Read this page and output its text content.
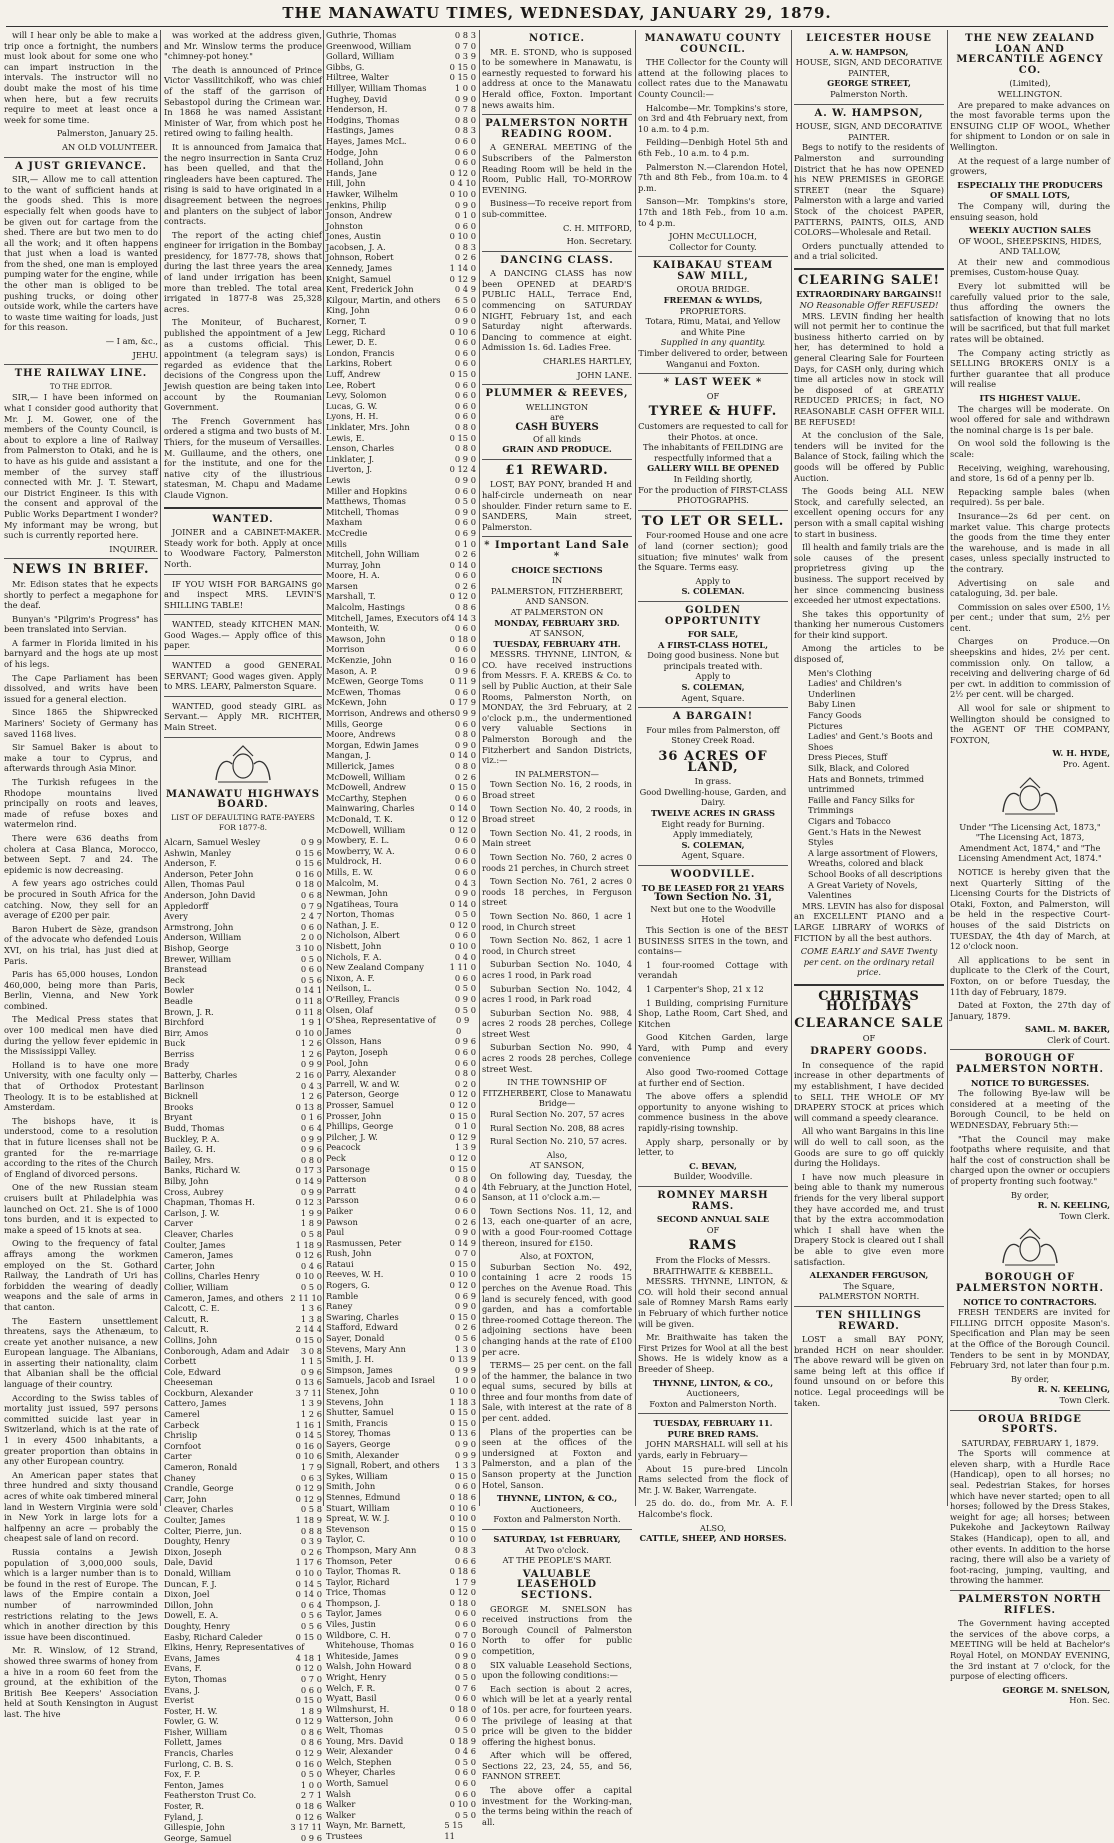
THE MANAWATU TIMES, WEDNESDAY, JANUARY 29, 1879.

will I hear only be able to make a trip once a fortnight, the numbers must look about for some one who can impart instruction in the intervals. The instructor will no doubt make the most of his time when here, but a few recruits require to meet at least once a week for some time.

Palmerston, January 25.

AN OLD VOLUNTEER.

A JUST GRIEVANCE.

SIR,— Allow me to call attention to the want of sufficient hands at the goods shed. This is more especially felt when goods have to be given out for cartage from the shed. There are but two men to do all the work; and it often happens that just when a load is wanted from the shed, one man is employed pumping water for the engine, while the other man is obliged to be pushing trucks, or doing other outside work, while the carters have to waste time waiting for loads, just for this reason.

— I am, &c.,

JEHU.

THE RAILWAY LINE.
TO THE EDITOR.

SIR,— I have been informed on what I consider good authority that Mr. J. M. Gower, one of the members of the County Council, is about to explore a line of Railway from Palmerston to Otaki, and he is to have as his guide and assistant a member of the survey staff connected with Mr. J. T. Stewart, our District Engineer. Is this with the consent and approval of the Public Works Department I wonder? My informant may be wrong, but such is currently reported here.

INQUIRER.

NEWS IN BRIEF.

Mr. Edison states that he expects shortly to perfect a megaphone for the deaf.

Bunyan's "Pilgrim's Progress" has been translated into Servian.

A farmer in Florida limited in his barnyard and the hogs ate up most of his legs.

The Cape Parliament has been dissolved, and writs have been issued for a general election.

Since 1865 the Shipwrecked Mariners' Society of Germany has saved 1168 lives.

Sir Samuel Baker is about to make a tour to Cyprus, and afterwards through Asia Minor.

The Turkish refugees in the Rhodope mountains lived principally on roots and leaves, made of refuse boxes and watermelon rind.

There were 636 deaths from cholera at Casa Blanca, Morocco, between Sept. 7 and 24. The epidemic is now decreasing.

A few years ago ostriches could be procured in South Africa for the catching. Now, they sell for an average of £200 per pair.

Baron Hubert de Sèze, grandson of the advocate who defended Louis XVI, on his trial, has just died at Paris.

Paris has 65,000 houses, London 460,000, being more than Paris, Berlin, Vienna, and New York combined.

The Medical Press states that over 100 medical men have died during the yellow fever epidemic in the Mississippi Valley.

Holland is to have one more University, with one faculty only — that of Orthodox Protestant Theology. It is to be established at Amsterdam.

The bishops have, it is understood, come to a resolution that in future licenses shall not be granted for the re-marriage according to the rites of the Church of England of divorced persons.

One of the new Russian steam cruisers built at Philadelphia was launched on Oct. 21. She is of 1000 tons burden, and it is expected to make a speed of 15 knots at sea.

Owing to the frequency of fatal affrays among the workmen employed on the St. Gothard Railway, the Landrath of Uri has forbidden the wearing of deadly weapons and the sale of arms in that canton.

The Eastern unsettlement threatens, says the Athenæum, to create yet another nuisance, a new European language. The Albanians, in asserting their nationality, claim that Albanian shall be the official language of their country.

According to the Swiss tables of mortality just issued, 597 persons committed suicide last year in Switzerland, which is at the rate of 1 in every 4500 inhabitants, a greater proportion than obtains in any other European country.

An American paper states that three hundred and sixty thousand acres of white oak timbered mineral land in Western Virginia were sold in New York in large lots for a halfpenny an acre — probably the cheapest sale of land on record.

Russia contains a Jewish population of 3,000,000 souls, which is a larger number than is to be found in the rest of Europe. The laws of the Empire contain a number of narrowminded restrictions relating to the Jews which in another direction by this issue have been discontinued.

Mr. R. Winslow, of 12 Strand, showed three swarms of honey from a hive in a room 60 feet from the ground, at the exhibition of the British Bee Keepers' Association held at South Kensington in August last. The hive

was worked at the address given, and Mr. Winslow terms the produce "chimney-pot honey."

The death is announced of Prince Victor Vassilitchikoff, who was chief of the staff of the garrison of Sebastopol during the Crimean war. In 1868 he was named Assistant Minister of War, from which post he retired owing to failing health.

It is announced from Jamaica that the negro insurrection in Santa Cruz has been quelled, and that the ringleaders have been captured. The rising is said to have originated in a disagreement between the negroes and planters on the subject of labor contracts.

The report of the acting chief engineer for irrigation in the Bombay presidency, for 1877-78, shows that during the last three years the area of land under irrigation has been more than trebled. The total area irrigated in 1877-8 was 25,328 acres.

The Moniteur, of Bucharest, published the appointment of a Jew as a customs official. This appointment (a telegram says) is regarded as evidence that the decisions of the Congress upon the Jewish question are being taken into account by the Roumanian Government.

The French Government has ordered a stigma and two busts of M. Thiers, for the museum of Versailles. M. Guillaume, and the others, one for the institute, and one for the native city of the illustrious statesman, M. Chapu and Madame Claude Vignon.

WANTED.

JOINER and a CABINET-MAKER. Steady work for both. Apply at once to Woodware Factory, Palmerston North.

IF YOU WISH FOR BARGAINS go and inspect MRS. LEVIN'S SHILLING TABLE!

WANTED, steady KITCHEN MAN. Good Wages.— Apply office of this paper.

WANTED a good GENERAL SERVANT; Good wages given. Apply to MRS. LEARY, Palmerston Square.

WANTED, good steady GIRL as Servant.— Apply MR. RICHTER, Main Street.

MANAWATU HIGHWAYS BOARD.
LIST OF DEFAULTING RATE-PAYERS FOR 1877-8.
Alcarn, Samuel Wesley	0 9 9
Ashwin, Manley	0 15 6
Anderson, F.	0 15 6
Anderson, Peter John	0 16 0
Allen, Thomas Paul	0 18 0
Anderson, John David	0 6 8
Appledorff	0 7 9
Avery	2 4 7
Armstrong, John	0 6 0
Anderson, William	2 0 0
Bishop, George	3 10 0
Brewer, William	0 5 0
Branstead	0 6 0
Beck	0 5 6
Bowler	0 14 1
Beadle	0 11 8
Brown, J. R.	0 11 8
Birchford	1 9 1
Birr, Amos	0 10 0
Buck	1 2 6
Berriss	1 2 6
Brady	0 9 9
Batterby, Charles	2 16 0
Barlinson	0 4 3
Bicknell	1 2 6
Brooks	0 13 8
Bryant	0 1 6
Budd, Thomas	0 6 4
Buckley, P. A.	0 9 9
Bailey, G. H.	0 9 6
Bailey, Mrs.	0 8 0
Banks, Richard W.	0 17 3
Bilby, John	0 14 9
Cross, Aubrey	0 9 9
Chapman, Thomas H.	0 12 3
Carlson, J. W.	1 9 9
Carver	1 8 9
Cleaver, Charles	0 5 8
Coulter, James	1 18 9
Cameron, James	0 12 6
Carter, John	0 4 6
Collins, Charles Henry	0 10 0
Collier, William	0 5 0
Cameron, James, and others 2 11 10
Calcott, C. E.	1 3 6
Calcutt, R.	1 3 8
Calcutt, R.	2 14 4
Collins, John	0 15 0
Conborough, Adam and Adair 3 0 8
Corbett	1 1 5
Cole, Edward	0 9 6
Cheeseman	0 13 6
Cockburn, Alexander	3 7 11
Cattero, James	1 3 9
Camerel	1 2 6
Carbeck	1 16 1
Chrislip	0 14 5
Cornfoot	0 16 0
Carter	0 10 6
Cameron, Ronald	1 7 9
Chaney	0 6 3
Crandle, George	0 12 9
Carr, John	0 12 9
Cleaver, Charles	0 5 8
Coulter, James	1 18 9
Colter, Pierre, jun.	0 8 8
Doughty, Henry	0 3 9
Dixon, Joseph	0 2 6
Dale, David	1 17 6
Donald, William	0 10 0
Duncan, F. J.	0 14 5
Dixon, Joel	0 14 0
Dillon, John	0 6 4
Dowell, E. A.	0 5 6
Doughty, Henry	0 5 6
Easby, Richard Caleder	0 15 0
Elkins, Henry, Representatives of
Evans, James	4 18 1
Evans, F.	0 12 0
Eyton, Thomas	0 7 0
Evans, J.	0 6 0
Everist	0 15 0
Foster, H. W.	1 8 9
Fowler, G. W.	0 12 9
Fisher, William	0 8 6
Follett, James	0 8 6
Francis, Charles	0 12 9
Furlong, C. B. S.	0 16 0
Fox, F. P.	0 5 0
Fenton, James	1 0 0
Featherston Trust Co.	2 7 1
Foster, R.	0 18 6
Fyland, J.	0 12 6
Gillespie, John	3 17 11
George, Samuel	0 9 6
Guthrie, Thomas	0 8 3
Greenwood, William	0 7 0
Gollard, William	0 3 9
Gibbs, G.	0 15 0
Hiltree, Walter	0 15 0
Hillyer, William Thomas	1 0 0
Hughey, David	0 9 0
Henderson, H.	0 7 8
Hodgins, Thomas	0 8 0
Hastings, James	0 8 3
Hayes, James McL.	0 6 0
Hodge, John	0 6 0
Holland, John	0 6 0
Hands, Jane	0 12 0
Hill, John	0 4 10
Hawker, Wilhelm	0 10 0
Jenkins, Philip	0 9 0
Jonson, Andrew	0 1 0
Johnston	0 6 0
Jones, Austin	0 10 0
Jacobsen, J. A.	0 8 3
Johnson, Robert	0 2 6
Kennedy, James	1 14 0
Knight, Samuel	0 12 9
Kent, Frederick John	0 4 9
Kilgour, Martin, and others 6 5 0
King, John	0 6 0
Korner, T.	0 9 0
Legg, Richard	0 10 6
Lewer, D. E.	0 6 0
London, Francis	0 6 0
Larkins, Robert	0 6 0
Luff, Andrew	0 15 0
Lee, Robert	0 6 0
Levy, Solomon	0 6 0
Lucas, G. W.	0 6 0
Lyons, H. H.	0 6 0
Linklater, Mrs. John	0 8 0
Lewis, E.	0 15 0
Lenson, Charles	0 8 0
Linklater, J.	0 9 0
Liverton, J.	0 12 4
Lewis	0 9 0
Miller and Hopkins	0 6 0
Matthews, Thomas	0 5 0
Mitchell, Thomas	0 9 0
Maxham	0 6 0
McCredie	0 6 9
Mills	0 1 0
Mitchell, John William	0 2 6
Murray, John	0 14 0
Moore, H. A.	0 6 0
Marsen	0 2 6
Marshall, T.	0 12 0
Malcolm, Hastings	0 8 6
Mitchell, James, Executors of 4 14 3
Monteith, W.	0 6 0
Mawson, John	0 18 0
Morrison	0 6 0
McKenzie, John	0 16 0
Mason, A. P.	0 9 6
McEwen, George Toms	0 11 9
McEwen, Thomas	0 6 0
McKewn, John	0 17 9
Morrison, Andrews and others 0 9 9
Mills, George	0 6 0
Moore, Andrews	0 8 0
Morgan, Edwin James	0 9 0
Mangan, J.	0 14 0
Millerick, James	0 8 0
McDowell, William	0 2 6
McDowell, Andrew	0 15 0
McCarthy, Stephen	0 6 0
Mainwaring, Charles	0 14 0
McDonald, T. K.	0 12 0
McDowell, William	0 12 0
Mowbery, E. L.	0 6 0
Mowberry, W. A.	0 6 0
Muldrock, H.	0 6 0
Mills, E. W.	0 6 0
Malcolm, M.	0 4 3
Newman, John	0 9 0
Ngatiheas, Toura	0 14 0
Norton, Thomas	0 5 0
Nathan, J. E.	0 12 0
Nicholson, Albert	0 6 0
Nisbett, John	0 10 0
Nichols, F. A.	0 4 0
New Zealand Company	1 11 0
Nixon, A. F.	0 6 0
Neilson, L.	0 5 0
O'Reilley, Francis	0 9 0
Olsen, Olaf	0 5 0
O'Shea, Representative of James
0 9 0
Olsson, Hans	0 9 6
Payton, Joseph	0 6 0
Pool, John	0 6 0
Parry, Alexander	0 8 0
Parrell, W. and W.	0 2 0
Paterson, George	0 12 0
Prosser, Samuel	0 12 0
Prosser, John	0 15 0
Phillips, George	0 1 0
Pilcher, J. W.	0 12 9
Peacock	1 3 9
Peck	0 12 0
Parsonage	0 15 0
Patterson	0 8 0
Parratt	0 4 0
Parsson	0 6 0
Paiker	0 6 0
Pawson	0 2 6
Paul	0 9 0
Rasmussen, Peter	0 14 9
Rush, John	0 7 0
Rataui	0 15 0
Reeves, W. H.	0 10 0
Rogers, G.	0 12 0
Ramble	0 6 9
Raney	0 9 0
Swaring, Charles	0 15 0
Stafford, Edward	0 2 6
Sayer, Donald	0 5 6
Stevens, Mary Ann	1 3 0
Smith, J. H.	0 13 9
Simpson, James	0 9 9
Samuels, Jacob and Israel 1 0 0
Stenex, John	0 10 0
Stevens, John	1 18 3
Shutter, Samuel	0 15 0
Smith, Francis	0 15 0
Storey, Thomas	0 13 6
Sayers, George	0 9 0
Smith, Alexander	0 9 9
Signall, Robert, and others 1 3 3
Sykes, William	0 15 0
Smith, John	0 6 0
Stennes, Edmund	0 18 6
Stuart, William	0 10 6
Spreat, W. W. J.	0 10 0
Stevenson	0 15 0
Taylor, C.	0 10 0
Thompson, Mary Ann	0 8 3
Thomson, Peter	0 6 6
Taylor, Thomas R.	0 18 6
Taylor, Richard	1 7 9
Trice, Thomas	0 12 0
Thompson, J.	0 18 0
Taylor, James	0 6 0
Viles, Justin	0 6 0
Wildbore, C. H.	0 7 0
Whitehouse, Thomas	0 16 0
Whiteside, James	0 9 0
Walsh, John Howard	0 8 0
Wright, Henry	0 5 0
Welch, F. R.	0 7 6
Wyatt, Basil	0 6 0
Wilmshurst, H.	0 18 0
Watterson, John	0 6 0
Welt, Thomas	0 5 0
Young, Mrs. David	0 18 9
Weir, Alexander	0 4 6
Welch, Stephen	0 5 0
Wheyer, Charles	0 6 0
Worth, Samuel	0 6 0
Walsh	0 6 0
Walker	0 10 0
Walker	0 5 0
Wayn, Mr. Barnett, Trustees
5 15 11
NOTICE.

MR. E. STOND, who is supposed to be somewhere in Manawatu, is earnestly requested to forward his address at once to the Manawatu Herald office, Foxton. Important news awaits him.

PALMERSTON NORTH READING ROOM.

A GENERAL MEETING of the Subscribers of the Palmerston Reading Room will be held in the Room, Public Hall, TO-MORROW EVENING.

Business—To receive report from sub-committee.

C. H. MITFORD,

Hon. Secretary.

DANCING CLASS.

A DANCING CLASS has now been OPENED at DEARD'S PUBLIC HALL, Terrace End, commencing on SATURDAY NIGHT, February 1st, and each Saturday night afterwards. Dancing to commence at eight. Admission 1s. 6d. Ladies Free.

CHARLES HARTLEY,

JOHN LANE.

PLUMMER & REEVES,
WELLINGTON
are
CASH BUYERS
Of all kinds
GRAIN AND PRODUCE.
£1 REWARD.

LOST, BAY PONY, branded H and half-circle underneath on near shoulder. Finder return same to E. SANDERS, Main street, Palmerston.

* Important Land Sale *
CHOICE SECTIONS
IN
PALMERSTON, FITZHERBERT, AND SANSON.
AT PALMERSTON ON
MONDAY, FEBRUARY 3RD.
AT SANSON,
TUESDAY, FEBRUARY 4TH.

MESSRS. THYNNE, LINTON, & CO. have received instructions from Messrs. F. A. KREBS & Co. to sell by Public Auction, at their Sale Rooms, Palmerston North, on MONDAY, the 3rd February, at 2 o'clock p.m., the undermentioned very valuable Sections in Palmerston Borough and the Fitzherbert and Sandon Districts, viz.:—

IN PALMERSTON—

Town Section No. 16, 2 roods, in Broad street

Town Section No. 40, 2 roods, in Broad street

Town Section No. 41, 2 roods, in Main street

Town Section No. 760, 2 acres 0 roods 21 perches, in Church street

Town Section No. 761, 2 acres 0 roods 18 perches, in Ferguson street

Town Section No. 860, 1 acre 1 rood, in Church street

Town Section No. 862, 1 acre 1 rood, in Church street

Suburban Section No. 1040, 4 acres 1 rood, in Park road

Suburban Section No. 1042, 4 acres 1 rood, in Park road

Suburban Section No. 988, 4 acres 2 roods 28 perches, College street West

Suburban Section No. 990, 4 acres 2 roods 28 perches, College street West.

IN THE TOWNSHIP OF FITZHERBERT, Close to Manawatu Bridge—

Rural Section No. 207, 57 acres

Rural Section No. 208, 88 acres

Rural Section No. 210, 57 acres.

Also,
AT SANSON,

On following day, Tuesday, the 4th February, at the Junction Hotel, Sanson, at 11 o'clock a.m.—

Town Sections Nos. 11, 12, and 13, each one-quarter of an acre, with a good Four-roomed Cottage thereon, insured for £150.

Also, at FOXTON,

Suburban Section No. 492, containing 1 acre 2 roods 15 perches on the Avenue Road. This land is securely fenced, with good garden, and has a comfortable three-roomed Cottage thereon. The adjoining sections have been changing hands at the rate of £100 per acre.

TERMS— 25 per cent. on the fall of the hammer, the balance in two equal sums, secured by bills at three and four months from date of Sale, with interest at the rate of 8 per cent. added.

Plans of the properties can be seen at the offices of the undersigned at Foxton and Palmerston, and a plan of the Sanson property at the Junction Hotel, Sanson.

THYNNE, LINTON, & CO.,
Auctioneers,
Foxton and Palmerston North.
SATURDAY, 1st FEBRUARY,
At Two o'clock.
AT THE PEOPLE'S MART.
VALUABLE LEASEHOLD SECTIONS.

GEORGE M. SNELSON has received instructions from the Borough Council of Palmerston North to offer for public competition,

SIX valuable Leasehold Sections, upon the following conditions:—

Each section is about 2 acres, which will be let at a yearly rental of 10s. per acre, for fourteen years. The privilege of leasing at that price will be given to the bidder offering the highest bonus.

After which will be offered, Sections 22, 23, 24, 55, and 56, FANNON STREET.

The above offer a capital investment for the Working-man, the terms being within the reach of all.

MANAWATU COUNTY COUNCIL.

THE Collector for the County will attend at the following places to collect rates due to the Manawatu County Council:—

Halcombe—Mr. Tompkins's store, on 3rd and 4th February next, from 10 a.m. to 4 p.m.

Feilding—Denbigh Hotel 5th and 6th Feb., 10 a.m. to 4 p.m.

Palmerston N.—Clarendon Hotel, 7th and 8th Feb., from 10a.m. to 4 p.m.

Sanson—Mr. Tompkins's store, 17th and 18th Feb., from 10 a.m. to 4 p.m.

JOHN McCULLOCH,
Collector for County.
KAIBAKAU STEAM SAW MILL,
OROUA BRIDGE.
FREEMAN & WYLDS,
PROPRIETORS.
Totara, Rimu, Matai, and Yellow and White Pine
Supplied in any quantity.
Timber delivered to order, between Wanganui and Foxton.
* LAST WEEK *
OF
TYREE & HUFF.
Customers are requested to call for their Photos. at once.
The inhabitants of FEILDING are respectfully informed that a
GALLERY WILL BE OPENED
In Feilding shortly,
For the production of FIRST-CLASS PHOTOGRAPHS.
TO LET OR SELL.

Four-roomed House and one acre of land (corner section); good situation; five minutes' walk from the Square. Terms easy.

Apply to
S. COLEMAN.
GOLDEN OPPORTUNITY
FOR SALE,
A FIRST-CLASS HOTEL,
Doing good business. None but principals treated with.
Apply to
S. COLEMAN,
Agent, Square.
A BARGAIN!
Four miles from Palmerston, off Stoney Creek Road.
36 ACRES OF LAND,
In grass.
Good Dwelling-house, Garden, and Dairy.
TWELVE ACRES IN GRASS
Eight ready for Burning.
Apply immediately,
S. COLEMAN,
Agent, Square.
WOODVILLE.
TO BE LEASED FOR 21 YEARS
Town Section No. 31,
Next but one to the Woodville Hotel

This Section is one of the BEST BUSINESS SITES in the town, and contains—

1 four-roomed Cottage with verandah

1 Carpenter's Shop, 21 x 12

1 Building, comprising Furniture Shop, Lathe Room, Cart Shed, and Kitchen

Good Kitchen Garden, large Yard, with Pump and every convenience

Also good Two-roomed Cottage at further end of Section.

The above offers a splendid opportunity to anyone wishing to commence business in the above rapidly-rising township.

Apply sharp, personally or by letter, to

C. BEVAN,
Builder, Woodville.
ROMNEY MARSH RAMS.
SECOND ANNUAL SALE
OF
RAMS
From the Flocks of Messrs. BRAITHWAITE & KEBBELL.

MESSRS. THYNNE, LINTON, & CO. will hold their second annual sale of Romney Marsh Rams early in February of which further notice will be given.

Mr. Braithwaite has taken the First Prizes for Wool at all the best Shows. He is widely know as a Breeder of Sheep.

THYNNE, LINTON, & CO.,
Auctioneers,
Foxton and Palmerston North.
TUESDAY, FEBRUARY 11.
PURE BRED RAMS.

JOHN MARSHALL will sell at his yards, early in February—

About 15 pure-bred Lincoln Rams selected from the flock of Mr. J. W. Baker, Warrengate.

25 do. do. do., from Mr. A. F. Halcombe's flock.

ALSO,
CATTLE, SHEEP, AND HORSES.
LEICESTER HOUSE
A. W. HAMPSON,
HOUSE, SIGN, AND DECORATIVE PAINTER,
GEORGE STREET,
Palmerston North.
A. W. HAMPSON,
HOUSE, SIGN, AND DECORATIVE PAINTER.

Begs to notify to the residents of Palmerston and surrounding District that he has now OPENED his NEW PREMISES in GEORGE STREET (near the Square) Palmerston with a large and varied Stock of the choicest PAPER, PATTERNS, PAINTS, OILS, AND COLORS—Wholesale and Retail.

Orders punctually attended to and a trial solicited.

CLEARING SALE!
EXTRAORDINARY BARGAINS!!
NO Reasonable Offer REFUSED!

MRS. LEVIN finding her health will not permit her to continue the business hitherto carried on by her, has determined to hold a general Clearing Sale for Fourteen Days, for CASH only, during which time all articles now in stock will be disposed of at GREATLY REDUCED PRICES; in fact, NO REASONABLE CASH OFFER WILL BE REFUSED!

At the conclusion of the Sale, tenders will be invited for the Balance of Stock, failing which the goods will be offered by Public Auction.

The Goods being ALL NEW Stock, and carefully selected, an excellent opening occurs for any person with a small capital wishing to start in business.

Ill health and family trials are the sole causes of the present proprietress giving up the business. The support received by her since commencing business exceeded her utmost expectations.

She takes this opportunity of thanking her numerous Customers for their kind support.

Among the articles to be disposed of,

Men's Clothing
Ladies' and Children's Underlinen
Baby Linen
Fancy Goods
Pictures
Ladies' and Gent.'s Boots and Shoes
Dress Pieces, Stuff
Silk, Black, and Colored
Hats and Bonnets, trimmed
untrimmed
Faille and Fancy Silks for Trimmings
Cigars and Tobacco
Gent.'s Hats in the Newest Styles
A large assortment of Flowers, Wreaths, colored and black
School Books of all descriptions
A Great Variety of Novels, Valentines

MRS. LEVIN has also for disposal an EXCELLENT PIANO and a LARGE LIBRARY of WORKS of FICTION by all the best authors.

COME EARLY and SAVE Twenty per cent. on the ordinary retail price.

CHRISTMAS HOLIDAYS
CLEARANCE SALE
OF
DRAPERY GOODS.

In consequence of the rapid increase in other departments of my establishment, I have decided to SELL THE WHOLE OF MY DRAPERY STOCK at prices which will command a speedy clearance.

All who want Bargains in this line will do well to call soon, as the Goods are sure to go off quickly during the Holidays.

I have now much pleasure in being able to thank my numerous friends for the very liberal support they have accorded me, and trust that by the extra accommodation which I shall have when the Drapery Stock is cleared out I shall be able to give even more satisfaction.

ALEXANDER FERGUSON,
The Square,
PALMERSTON NORTH.
TEN SHILLINGS REWARD.

LOST a small BAY PONY, branded HCH on near shoulder. The above reward will be given on same being left at this office if found unsound on or before this notice. Legal proceedings will be taken.

THE NEW ZEALAND LOAN AND MERCANTILE AGENCY CO.
(Limited),
WELLINGTON.

Are prepared to make advances on the most favorable terms upon the ENSUING CLIP OF WOOL, Whether for shipment to London or on sale in Wellington.

At the request of a large number of growers,

ESPECIALLY THE PRODUCERS OF SMALL LOTS,

The Company will, during the ensuing season, hold

WEEKLY AUCTION SALES
OF WOOL, SHEEPSKINS, HIDES, AND TALLOW,

At their new and commodious premises, Custom-house Quay.

Every lot submitted will be carefully valued prior to the sale, thus affording the owners the satisfaction of knowing that no lots will be sacrificed, but that full market rates will be obtained.

The Company acting strictly as SELLING BROKERS ONLY is a further guarantee that all produce will realise

ITS HIGHEST VALUE.

The charges will be moderate. On wool offered for sale and withdrawn the nominal charge is 1s per bale.

On wool sold the following is the scale:

Receiving, weighing, warehousing, and store, 1s 6d of a penny per lb.

Repacking sample bales (when required). 5s per bale.

Insurance—2s 6d per cent. on market value. This charge protects the goods from the time they enter the warehouse, and is made in all cases, unless specially instructed to the contrary.

Advertising on sale and cataloguing, 3d. per bale.

Commission on sales over £500, 1½ per cent.; under that sum, 2½ per cent.

Charges on Produce.—On sheepskins and hides, 2½ per cent. commission only. On tallow, a receiving and delivering charge of 6d per cwt. in addition to commission of 2½ per cent. will be charged.

All wool for sale or shipment to Wellington should be consigned to the AGENT OF THE COMPANY, FOXTON,

W. H. HYDE,
Pro. Agent.

Under "The Licensing Act, 1873," "The Licensing Act, 1873, Amendment Act, 1874," and "The Licensing Amendment Act, 1874."

NOTICE is hereby given that the next Quarterly Sitting of the Licensing Courts for the Districts of Otaki, Foxton, and Palmerston, will be held in the respective Court-houses of the said Districts on TUESDAY, the 4th day of March, at 12 o'clock noon.

All applications to be sent in duplicate to the Clerk of the Court, Foxton, on or before Tuesday, the 11th day of February, 1879.

Dated at Foxton, the 27th day of January, 1879.

SAML. M. BAKER,
Clerk of Court.
BOROUGH OF PALMERSTON NORTH.
NOTICE TO BURGESSES.

The following Bye-law will be considered at a meeting of the Borough Council, to be held on WEDNESDAY, February 5th:—

"That the Council may make footpaths where requisite, and that half the cost of construction shall be charged upon the owner or occupiers of property fronting such footway."

By order,
R. N. KEELING,
Town Clerk.
BOROUGH OF PALMERSTON NORTH.
NOTICE TO CONTRACTORS.

FRESH TENDERS are invited for FILLING DITCH opposite Mason's. Specification and Plan may be seen at the Office of the Borough Council. Tenders to be sent in by MONDAY, February 3rd, not later than four p.m.

By order,
R. N. KEELING,
Town Clerk.
OROUA BRIDGE SPORTS.
SATURDAY, FEBRUARY 1, 1879.

The Sports will commence at eleven sharp, with a Hurdle Race (Handicap), open to all horses; no seal. Pedestrian Stakes, for horses which have never started; open to all horses; followed by the Dress Stakes, weight for age; all horses; between Pukekohe and Jackeytown Railway Stakes (Handicap), open to all, and other events. In addition to the horse racing, there will also be a variety of foot-racing, jumping, vaulting, and throwing the hammer.

PALMERSTON NORTH RIFLES.

The Government having accepted the services of the above corps, a MEETING will be held at Bachelor's Royal Hotel, on MONDAY EVENING, the 3rd instant at 7 o'clock, for the purpose of electing officers.

GEORGE M. SNELSON,
Hon. Sec.
